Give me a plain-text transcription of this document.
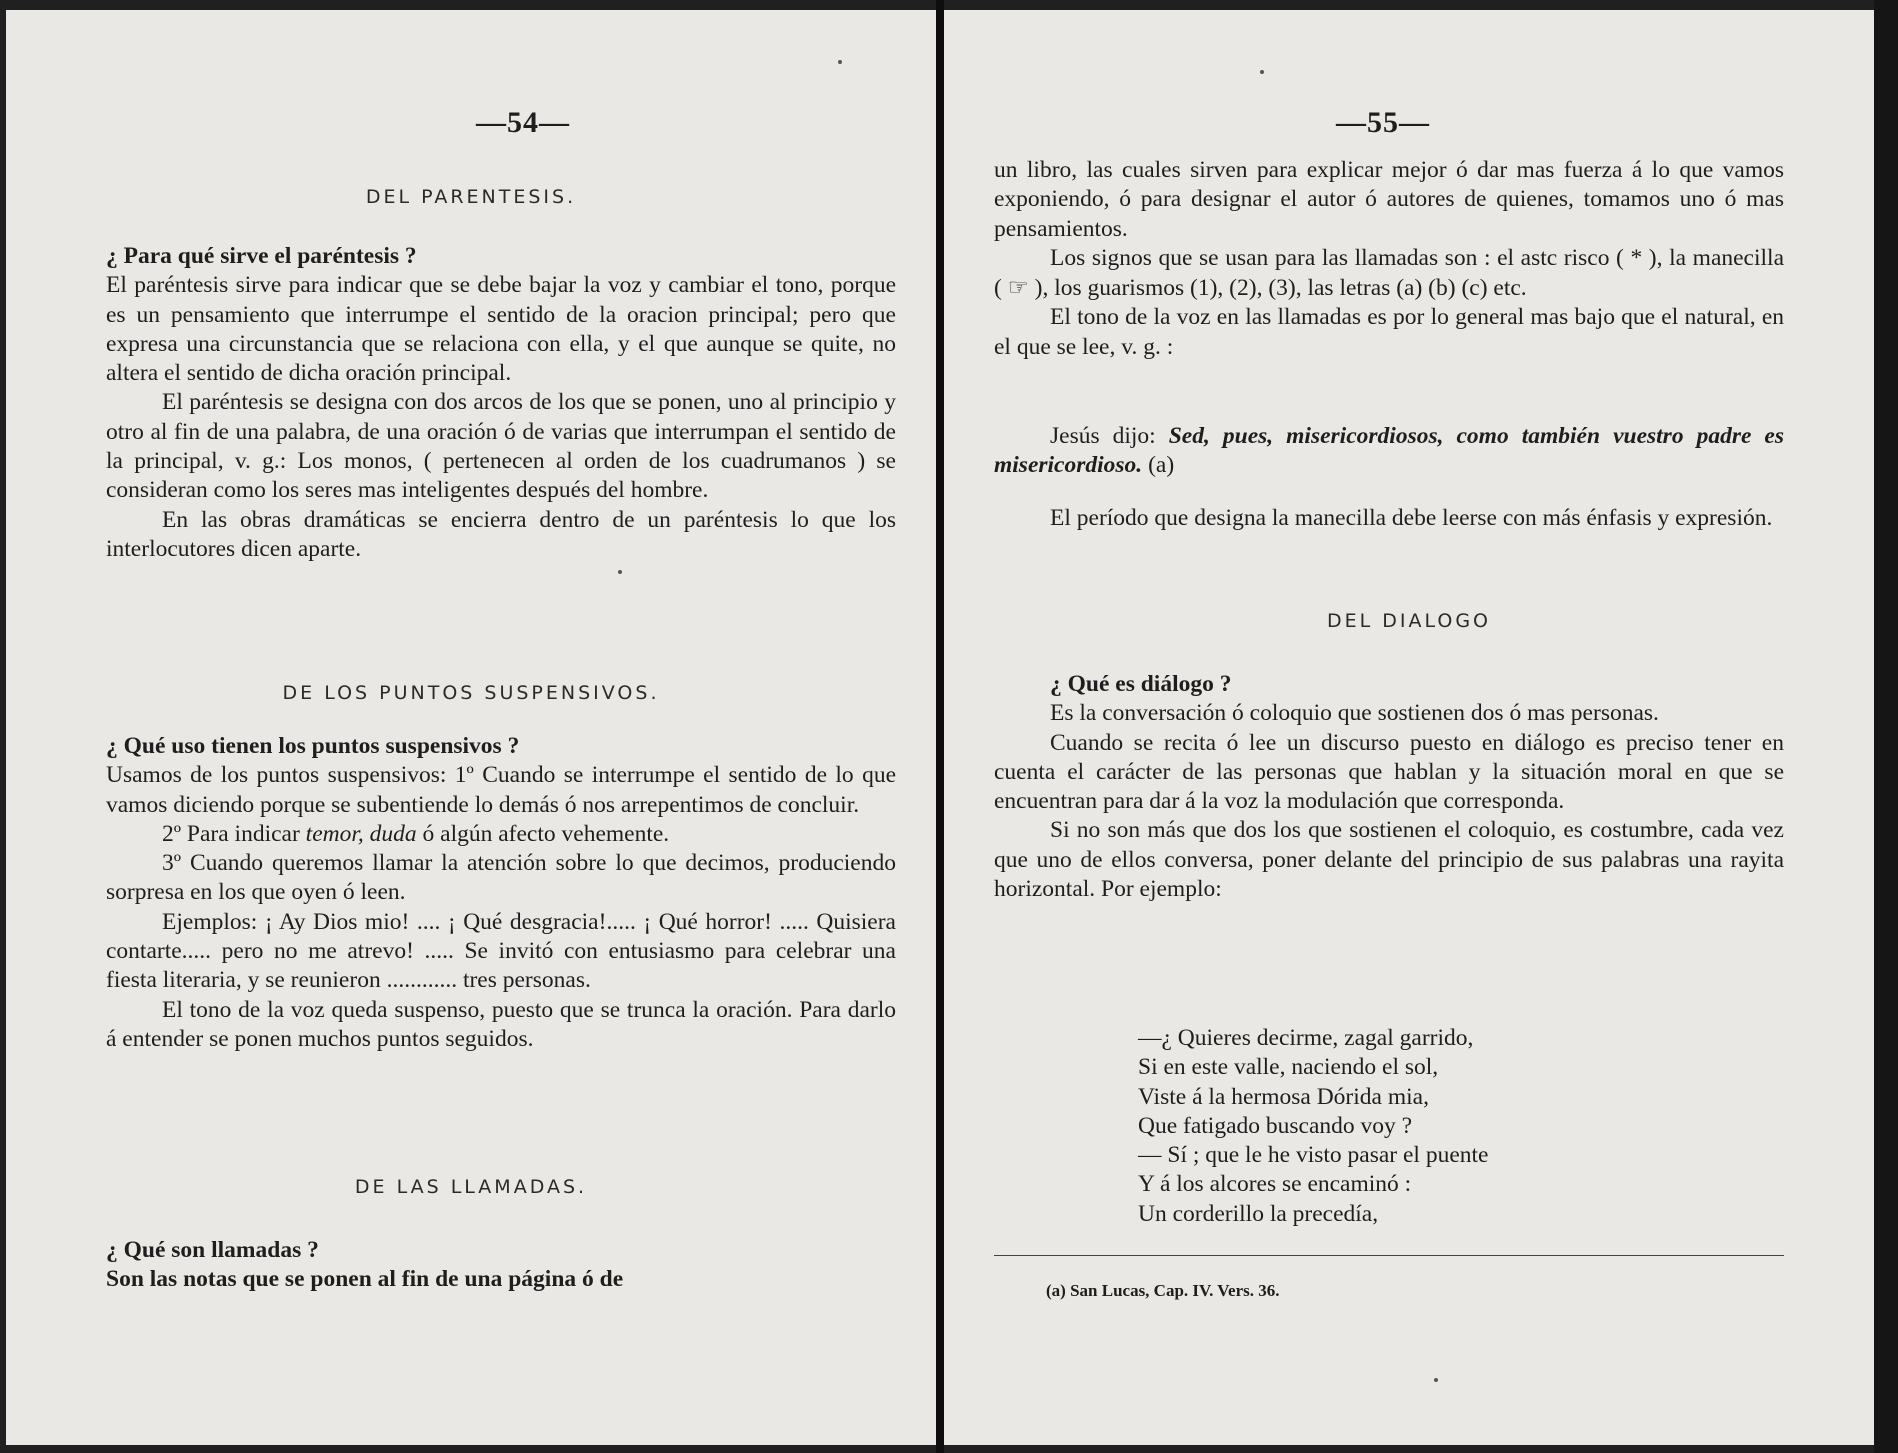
—54—
DEL PARENTESIS.

¿ Para qué sirve el paréntesis ?

El paréntesis sirve para indicar que se debe bajar la voz y cambiar el tono, porque es un pensamiento que interrumpe el sentido de la oracion principal; pero que expresa una circunstancia que se relaciona con ella, y el que aunque se quite, no altera el sentido de dicha oración principal.

El paréntesis se designa con dos arcos de los que se ponen, uno al principio y otro al fin de una palabra, de una oración ó de varias que interrumpan el sentido de la principal, v. g.: Los monos, ( pertenecen al orden de los cuadrumanos ) se consideran como los seres mas inteligentes después del hombre.

En las obras dramáticas se encierra dentro de un paréntesis lo que los interlocutores dicen aparte.

DE LOS PUNTOS SUSPENSIVOS.

¿ Qué uso tienen los puntos suspensivos ?

Usamos de los puntos suspensivos: 1º Cuando se interrumpe el sentido de lo que vamos diciendo porque se subentiende lo demás ó nos arrepentimos de concluir.

2º Para indicar temor, duda ó algún afecto vehemente.

3º Cuando queremos llamar la atención sobre lo que decimos, produciendo sorpresa en los que oyen ó leen.

Ejemplos: ¡ Ay Dios mio! .... ¡ Qué desgracia!..... ¡ Qué horror! ..... Quisiera contarte..... pero no me atrevo! ..... Se invitó con entusiasmo para celebrar una fiesta literaria, y se reunieron ............ tres personas.

El tono de la voz queda suspenso, puesto que se trunca la oración. Para darlo á entender se ponen muchos puntos seguidos.

DE LAS LLAMADAS.

¿ Qué son llamadas ?

Son las notas que se ponen al fin de una página ó de

—55—

un libro, las cuales sirven para explicar mejor ó dar mas fuerza á lo que vamos exponiendo, ó para designar el autor ó autores de quienes, tomamos uno ó mas pensamientos.

Los signos que se usan para las llamadas son : el astc risco ( * ), la manecilla ( ☞ ), los guarismos (1), (2), (3), las letras (a) (b) (c) etc.

El tono de la voz en las llamadas es por lo general mas bajo que el natural, en el que se lee, v. g. :

Jesús dijo: Sed, pues, misericordiosos, como también vuestro padre es misericordioso. (a)

El período que designa la manecilla debe leerse con más énfasis y expresión.

DEL DIALOGO

¿ Qué es diálogo ?

Es la conversación ó coloquio que sostienen dos ó mas personas.

Cuando se recita ó lee un discurso puesto en diálogo es preciso tener en cuenta el carácter de las personas que hablan y la situación moral en que se encuentran para dar á la voz la modulación que corresponda.

Si no son más que dos los que sostienen el coloquio, es costumbre, cada vez que uno de ellos conversa, poner delante del principio de sus palabras una rayita horizontal. Por ejemplo:

—¿ Quieres decirme, zagal garrido,

Si en este valle, naciendo el sol,

Viste á la hermosa Dórida mia,

Que fatigado buscando voy ?

— Sí ; que le he visto pasar el puente

Y á los alcores se encaminó :

Un corderillo la precedía,

(a) San Lucas, Cap. IV. Vers. 36.
